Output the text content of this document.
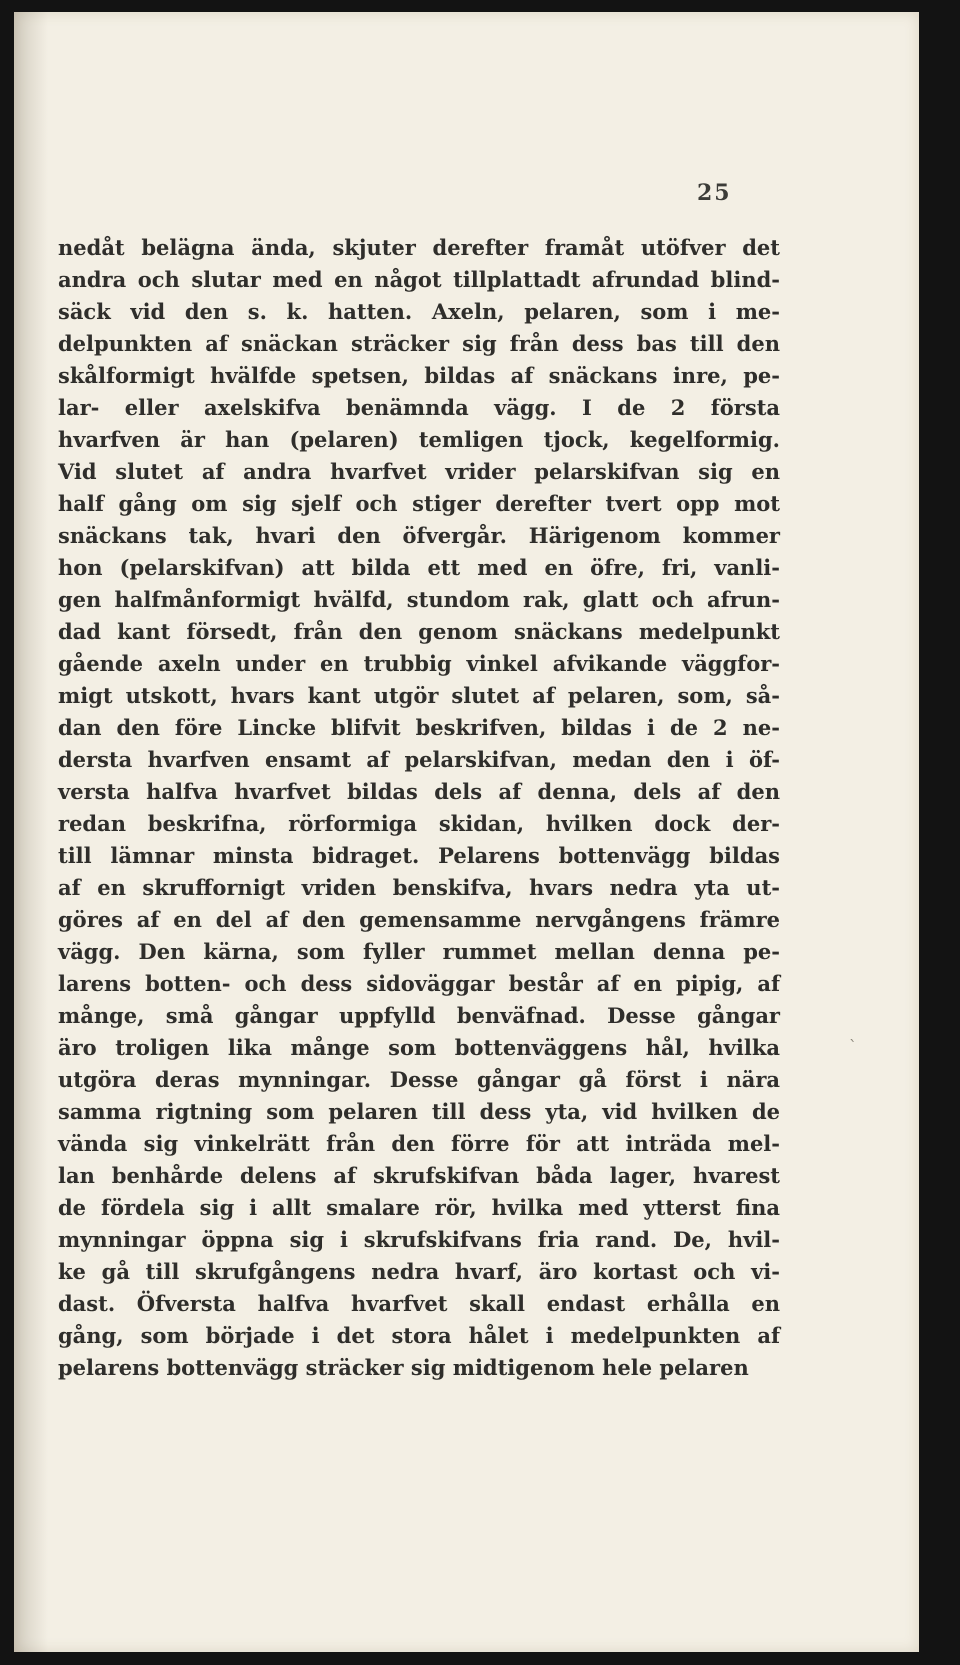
25
nedåt belägna ända, skjuter derefter framåt utöfver det
andra och slutar med en något tillplattadt afrundad blind-
säck vid den s. k. hatten. Axeln, pelaren, som i me-
delpunkten af snäckan sträcker sig från dess bas till den
skålformigt hvälfde spetsen, bildas af snäckans inre, pe-
lar- eller axelskifva benämnda vägg. I de 2 första
hvarfven är han (pelaren) temligen tjock, kegelformig.
Vid slutet af andra hvarfvet vrider pelarskifvan sig en
half gång om sig sjelf och stiger derefter tvert opp mot
snäckans tak, hvari den öfvergår. Härigenom kommer
hon (pelarskifvan) att bilda ett med en öfre, fri, vanli-
gen halfmånformigt hvälfd, stundom rak, glatt och afrun-
dad kant försedt, från den genom snäckans medelpunkt
gående axeln under en trubbig vinkel afvikande väggfor-
migt utskott, hvars kant utgör slutet af pelaren, som, så-
dan den före Lincke blifvit beskrifven, bildas i de 2 ne-
dersta hvarfven ensamt af pelarskifvan, medan den i öf-
versta halfva hvarfvet bildas dels af denna, dels af den
redan beskrifna, rörformiga skidan, hvilken dock der-
till lämnar minsta bidraget. Pelarens bottenvägg bildas
af en skruffornigt vriden benskifva, hvars nedra yta ut-
göres af en del af den gemensamme nervgångens främre
vägg. Den kärna, som fyller rummet mellan denna pe-
larens botten- och dess sidoväggar består af en pipig, af
månge, små gångar uppfylld benväfnad. Desse gångar
äro troligen lika månge som bottenväggens hål, hvilka
utgöra deras mynningar. Desse gångar gå först i nära
samma rigtning som pelaren till dess yta, vid hvilken de
vända sig vinkelrätt från den förre för att inträda mel-
lan benhårde delens af skrufskifvan båda lager, hvarest
de fördela sig i allt smalare rör, hvilka med ytterst fina
mynningar öppna sig i skrufskifvans fria rand. De, hvil-
ke gå till skrufgångens nedra hvarf, äro kortast och vi-
dast. Öfversta halfva hvarfvet skall endast erhålla en
gång, som började i det stora hålet i medelpunkten af
pelarens bottenvägg sträcker sig midtigenom hele pelaren
`
